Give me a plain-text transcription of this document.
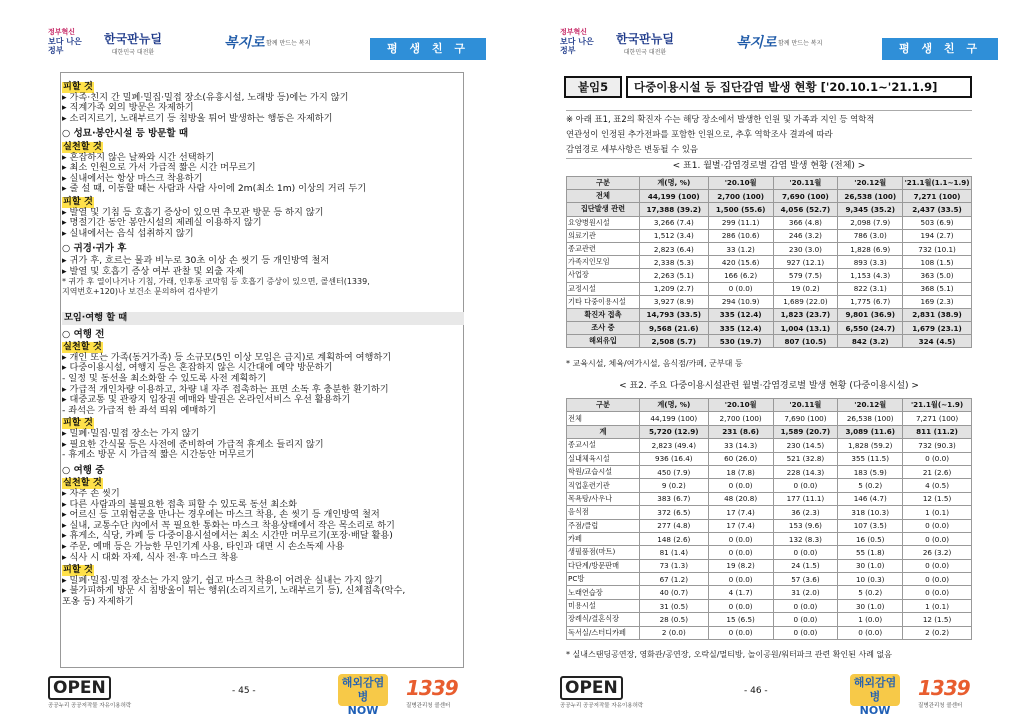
정부혁신
보다 나은 정부
한국판뉴딜
대한민국 대전환
복지로 함께 만드는 복지	평 생 친 구
피할 것
▸ 가족·친지 간 밀폐·밀집·밀접 장소(유흥시설, 노래방 등)에는 가지 않기
▸ 직계가족 외의 방문은 자제하기
▸ 소리지르기, 노래부르기 등 침방울 튀어 발생하는 행동은 자제하기
○ 성묘·봉안시설 등 방문할 때
실천할 것
▸ 혼잡하지 않은 날짜와 시간 선택하기
▸ 최소 인원으로 가서 가급적 짧은 시간 머무르기
▸ 실내에서는 항상 마스크 착용하기
▸ 줄 설 때, 이동할 때는 사람과 사람 사이에 2m(최소 1m) 이상의 거리 두기
피할 것
▸ 발열 및 기침 등 호흡기 증상이 있으면 추모관 방문 등 하지 않기
▸ 명절기간 동안 봉안시설의 제례실 이용하지 않기
▸ 실내에서는 음식 섭취하지 않기
○ 귀경·귀가 후
▸ 귀가 후, 흐르는 물과 비누로 30초 이상 손 씻기 등 개인방역 철저
▸ 발열 및 호흡기 증상 여부 관찰 및 외출 자제
* 귀가 후 열이나거나 기침, 가래, 인후통 코막힘 등 호흡기 증상이 있으면, 콜센터(1339,
지역번호+120)나 보건소 문의하여 검사받기
모임·여행 할 때
○ 여행 전
실천할 것
▸ 개인 또는 가족(동거가족) 등 소규모(5인 이상 모임은 금지)로 계획하여 여행하기
▸ 다중이용시설, 여행지 등은 혼잡하지 않은 시간대에 예약 방문하기
- 일정 및 동선을 최소화할 수 있도록 사전 계획하기
▸ 가급적 개인차량 이용하고, 차량 내 자주 접촉하는 표면 소독 후 충분한 환기하기
▸ 대중교통 및 관광지 입장권 예매와 발권은 온라인서비스 우선 활용하기
- 좌석은 가급적 한 좌석 띄워 예매하기
피할 것
▸ 밀폐·밀집·밀접 장소는 가지 않기
▸ 필요한 간식물 등은 사전에 준비하여 가급적 휴게소 들리지 않기
- 휴게소 방문 시 가급적 짧은 시간동안 머무르기
○ 여행 중
실천할 것
▸ 자주 손 씻기
▸ 다른 사람과의 불필요한 접촉 피할 수 있도록 동선 최소화
▸ 어르신 등 고위험군을 만나는 경우에는 마스크 착용, 손 씻기 등 개인방역 철저
▸ 실내, 교통수단 內에서 꼭 필요한 통화는 마스크 착용상태에서 작은 목소리로 하기
▸ 휴게소, 식당, 카페 등 다중이용시설에서는 최소 시간만 머무르기(포장·배달 활용)
▸ 주문, 예매 등은 가능한 무인기계 사용, 타인과 대면 시 손소독제 사용
▸ 식사 시 대화 자제, 식사 전·후 마스크 착용
피할 것
▸ 밀폐·밀집·밀접 장소는 가지 않기, 쉽고 마스크 착용이 어려운 실내는 가지 않기
▸ 불가피하게 방문 시 침방울이 튀는 행위(소리지르기, 노래부르기 등), 신체접촉(악수,
포옹 등) 자제하기
OPEN
공공누리 공공저작물 자유이용허락
- 45 -
해외감염병
NOW
1339
질병관리청 콜센터
정부혁신
보다 나은 정부
한국판뉴딜
대한민국 대전환
복지로 함께 만드는 복지	평 생 친 구
붙임5	다중이용시설 등 집단감염 발생 현황 ['20.10.1~'21.1.9]
※ 아래 표1, 표2의 확진자 수는 해당 장소에서 발생한 인원 및 가족과 지인 등 역학적
연관성이 인정된 추가전파를 포함한 인원으로, 추후 역학조사 결과에 따라
감염경로 세부사항은 변동될 수 있음
< 표1. 월별·감염경로별 감염 발생 현황 (전체) >
구분	계(명, %)	'20.10월	'20.11월	'20.12월	'21.1월(1.1~1.9)
전체	44,199 (100)	2,700 (100)	7,690 (100)	26,538 (100)	7,271 (100)
집단발생 관련	17,388 (39.2)	1,500 (55.6)	4,056 (52.7)	9,345 (35.2)	2,437 (33.5)
요양병원시설	3,266 (7.4)	299 (11.1)	366 (4.8)	2,098 (7.9)	503 (6.9)
의료기관	1,512 (3.4)	286 (10.6)	246 (3.2)	786 (3.0)	194 (2.7)
종교관련	2,823 (6.4)	33 (1.2)	230 (3.0)	1,828 (6.9)	732 (10.1)
가족지인모임	2,338 (5.3)	420 (15.6)	927 (12.1)	893 (3.3)	108 (1.5)
사업장	2,263 (5.1)	166 (6.2)	579 (7.5)	1,153 (4.3)	363 (5.0)
교정시설	1,209 (2.7)	0 (0.0)	19 (0.2)	822 (3.1)	368 (5.1)
기타 다중이용시설	3,927 (8.9)	294 (10.9)	1,689 (22.0)	1,775 (6.7)	169 (2.3)
확진자 접촉	14,793 (33.5)	335 (12.4)	1,823 (23.7)	9,801 (36.9)	2,831 (38.9)
조사 중	9,568 (21.6)	335 (12.4)	1,004 (13.1)	6,550 (24.7)	1,679 (23.1)
해외유입	2,508 (5.7)	530 (19.7)	807 (10.5)	842 (3.2)	324 (4.5)
* 교육시설, 체육/여가시설, 음식점/카페, 군부대 등
< 표2. 주요 다중이용시설관련 월별·감염경로별 발생 현황 (다중이용시설) >
구분	계(명, %)	'20.10월	'20.11월	'20.12월	'21.1월(~1.9)
전체	44,199 (100)	2,700 (100)	7,690 (100)	26,538 (100)	7,271 (100)
계	5,720 (12.9)	231 (8.6)	1,589 (20.7)	3,089 (11.6)	811 (11.2)
종교시설	2,823 (49.4)	33 (14.3)	230 (14.5)	1,828 (59.2)	732 (90.3)
실내체육시설	936 (16.4)	60 (26.0)	521 (32.8)	355 (11.5)	0 (0.0)
학원/교습시설	450 (7.9)	18 (7.8)	228 (14.3)	183 (5.9)	21 (2.6)
직업훈련기관	9 (0.2)	0 (0.0)	0 (0.0)	5 (0.2)	4 (0.5)
목욕탕/사우나	383 (6.7)	48 (20.8)	177 (11.1)	146 (4.7)	12 (1.5)
음식점	372 (6.5)	17 (7.4)	36 (2.3)	318 (10.3)	1 (0.1)
주점/클럽	277 (4.8)	17 (7.4)	153 (9.6)	107 (3.5)	0 (0.0)
카페	148 (2.6)	0 (0.0)	132 (8.3)	16 (0.5)	0 (0.0)
생필품점(마트)	81 (1.4)	0 (0.0)	0 (0.0)	55 (1.8)	26 (3.2)
다단계/방문판매	73 (1.3)	19 (8.2)	24 (1.5)	30 (1.0)	0 (0.0)
PC방	67 (1.2)	0 (0.0)	57 (3.6)	10 (0.3)	0 (0.0)
노래연습장	40 (0.7)	4 (1.7)	31 (2.0)	5 (0.2)	0 (0.0)
미용시설	31 (0.5)	0 (0.0)	0 (0.0)	30 (1.0)	1 (0.1)
장례식/결혼식장	28 (0.5)	15 (6.5)	0 (0.0)	1 (0.0)	12 (1.5)
독서실/스터디카페	2 (0.0)	0 (0.0)	0 (0.0)	0 (0.0)	2 (0.2)
* 실내스탠딩공연장, 영화관/공연장, 오락실/멀티방, 놀이공원/워터파크 관련 확인된 사례 없음
OPEN
공공누리 공공저작물 자유이용허락
- 46 -
해외감염병
NOW
1339
질병관리청 콜센터
